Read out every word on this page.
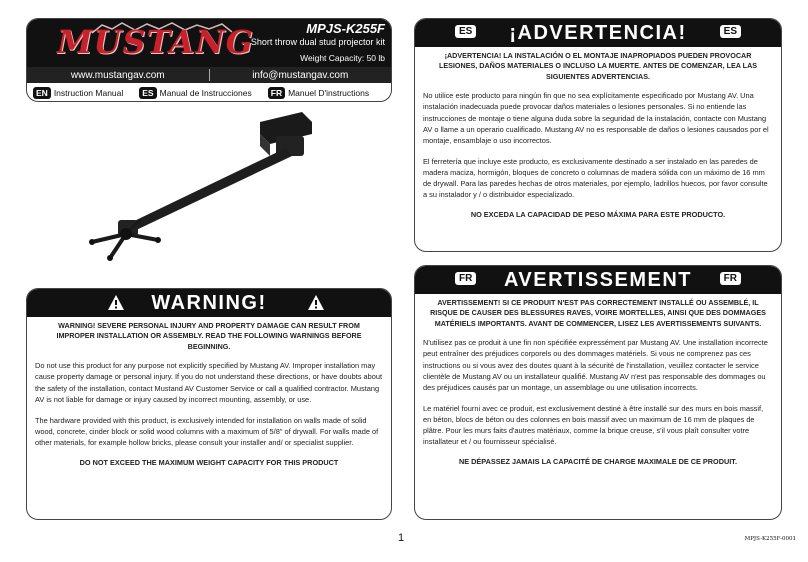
MUSTANG	MPJS-K255F
Short throw dual stud projector kit
Weight Capacity: 50 lb
www.mustangav.com	info@mustangav.com
EN Instruction Manual	ES Manual de Instrucciones	FR Manuel D'instructions
WARNING!

WARNING! SEVERE PERSONAL INJURY AND PROPERTY DAMAGE CAN RESULT FROM IMPROPER INSTALLATION OR ASSEMBLY. READ THE FOLLOWING WARNINGS BEFORE BEGINNING.

Do not use this product for any purpose not explicitly specified by Mustang AV. Improper installation may cause property damage or personal injury. If you do not understand these directions, or have doubts about the safety of the installation, contact Mustand AV Customer Service or call a qualified contractor. Mustang AV is not liable for damage or injury caused by incorrect mounting, assembly, or use.

The hardware provided with this product, is exclusively intended for installation on walls made of solid wood, concrete, cinder block or solid wood columns with a maximum of 5/8" of drywall. For walls made of other materials, for example hollow bricks, please consult your installer and/ or specialist supplier.

DO NOT EXCEED THE MAXIMUM WEIGHT CAPACITY FOR THIS PRODUCT

ES ¡ADVERTENCIA!	ES

¡ADVERTENCIA! LA INSTALACIÓN O EL MONTAJE INAPROPIADOS PUEDEN PROVOCAR LESIONES, DAÑOS MATERIALES O INCLUSO LA MUERTE. ANTES DE COMENZAR, LEA LAS SIGUIENTES ADVERTENCIAS.

No utilice este producto para ningún fin que no sea explícitamente especificado por Mustang AV. Una instalación inadecuada puede provocar daños materiales o lesiones personales. Si no entiende las instrucciones de montaje o tiene alguna duda sobre la seguridad de la instalación, contacte con Mustang AV o llame a un operario cualificado. Mustang AV no es responsable de daños o lesiones causados por el montaje, ensamblaje o uso incorrectos.

El ferretería que incluye este producto, es exclusivamente destinado a ser instalado en las paredes de madera maciza, hormigón, bloques de concreto o columnas de madera sólida con un máximo de 16 mm de drywall. Para las paredes hechas de otros materiales, por ejemplo, ladrillos huecos, por favor consulte a su instalador y / o distribuidor especializado.

NO EXCEDA LA CAPACIDAD DE PESO MÁXIMA PARA ESTE PRODUCTO.

FR AVERTISSEMENT	FR

AVERTISSEMENT! SI CE PRODUIT N'EST PAS CORRECTEMENT INSTALLÉ OU ASSEMBLÉ, IL RISQUE DE CAUSER DES BLESSURES RAVES, VOIRE MORTELLES, AINSI QUE DES DOMMAGES MATÉRIELS IMPORTANTS. AVANT DE COMMENCER, LISEZ LES AVERTISSEMENTS SUIVANTS.

N'utilisez pas ce produit à une fin non spécifiée expressément par Mustang AV. Une installation incorrecte peut entraîner des préjudices corporels ou des dommages matériels. Si vous ne comprenez pas ces instructions ou si vous avez des doutes quant à la sécurité de l'installation, veuillez contacter le service clientèle de Mustang AV ou un installateur qualifié. Mustang AV n'est pas responsable des dommages ou des préjudices causés par un montage, un assemblage ou une utilisation incorrects.

Le matériel fourni avec ce produit, est exclusivement destiné à être installé sur des murs en bois massif, en béton, blocs de béton ou des colonnes en bois massif avec un maximum de 16 mm de plaques de plâtre. Pour les murs faits d'autres matériaux, comme la brique creuse, s'il vous plaît consulter votre installateur et / ou fournisseur spécialisé.

NE DÉPASSEZ JAMAIS LA CAPACITÉ DE CHARGE MAXIMALE DE CE PRODUIT.

1	MPJS-K255F-0001
